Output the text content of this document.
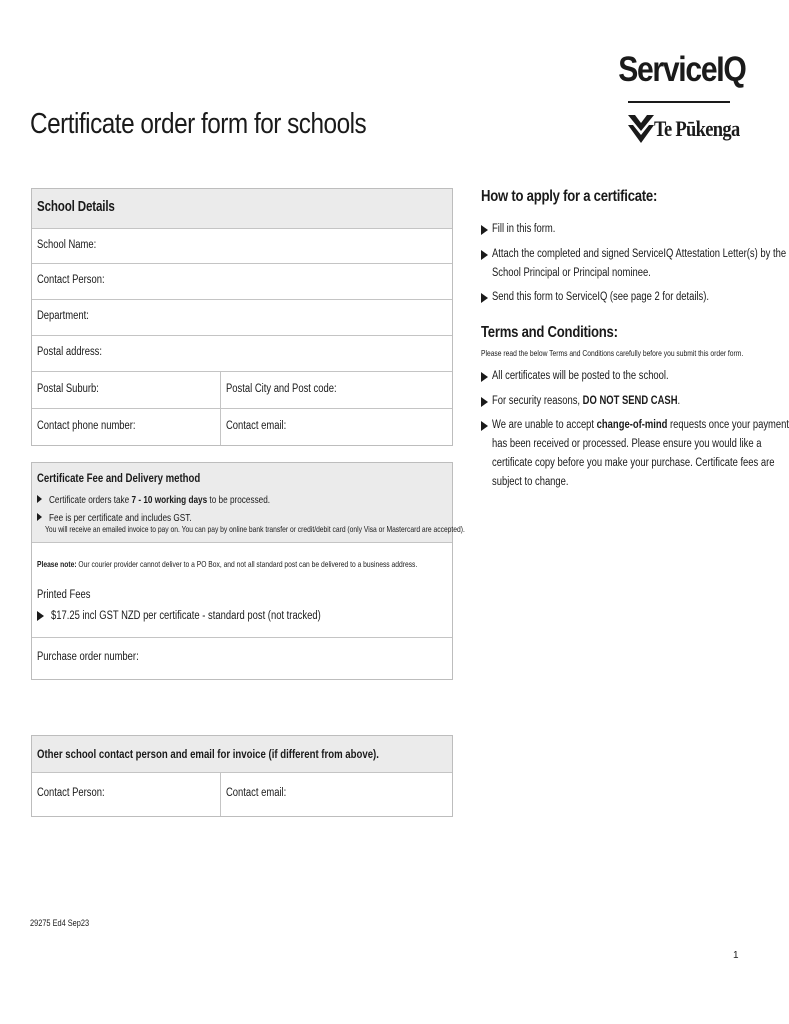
Certificate order form for schools
ServiceIQ
Te Pūkenga
School Details
School Name:
Contact Person:
Department:
Postal address:
Postal Suburb:	Postal City and Post code:
Contact phone number:	Contact email:
Certificate Fee and Delivery method
Certificate orders take 7 - 10 working days to be processed.
Fee is per certificate and includes GST.
You will receive an emailed invoice to pay on. You can pay by online bank transfer or credit/debit card (only Visa or Mastercard are accepted).
Please note: Our courier provider cannot deliver to a PO Box, and not all standard post can be delivered to a business address.
Printed Fees
$17.25 incl GST NZD per certificate - standard post (not tracked)
Purchase order number:
Other school contact person and email for invoice (if different from above).
Contact Person:	Contact email:
How to apply for a certificate:
Fill in this form.
Attach the completed and signed ServiceIQ Attestation Letter(s) by the
School Principal or Principal nominee.
Send this form to ServiceIQ (see page 2 for details).
Terms and Conditions:
Please read the below Terms and Conditions carefully before you submit this order form.
All certificates will be posted to the school.
For security reasons, DO NOT SEND CASH.
We are unable to accept change-of-mind requests once your payment
has been received or processed. Please ensure you would like a
certificate copy before you make your purchase. Certificate fees are
subject to change.
29275 Ed4 Sep23
1
